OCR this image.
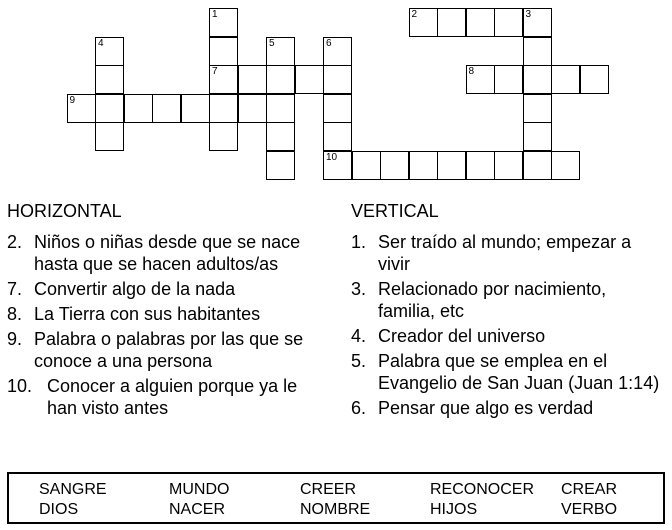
2	3
7	8
9
10
1
4	5	6
HORIZONTAL
2. Niños o niñas desde que se nace hasta que se hacen adultos/as
7. Convertir algo de la nada
8. La Tierra con sus habitantes
9. Palabra o palabras por las que se conoce a una persona
10. Conocer a alguien porque ya le han visto antes
VERTICAL
1. Ser traído al mundo; empezar a vivir
3. Relacionado por nacimiento, familia, etc
4. Creador del universo
5. Palabra que se emplea en el Evangelio de San Juan (Juan 1:14)
6. Pensar que algo es verdad
SANGRE	MUNDO	CREER	RECONOCER CREAR
DIOS	NACER	NOMBRE	HIJOS	VERBO
